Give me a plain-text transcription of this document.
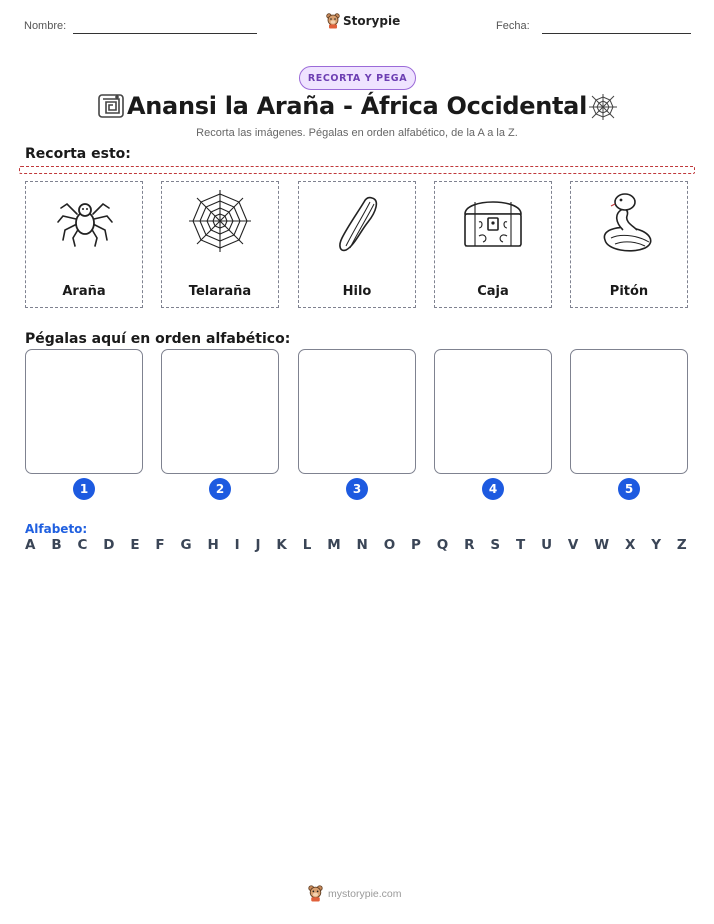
Nombre:	Storypie	Fecha:
RECORTA Y PEGA
Anansi la Araña - África Occidental
Recorta las imágenes. Pégalas en orden alfabético, de la A a la Z.
Recorta esto:
Araña	Telaraña	Hilo	Caja	Pitón
Pégalas aquí en orden alfabético:
1	2	3	4	5
Alfabeto:
A B C D E F G H I J K L M N O P Q R S T U V W X Y Z
mystorypie.com
